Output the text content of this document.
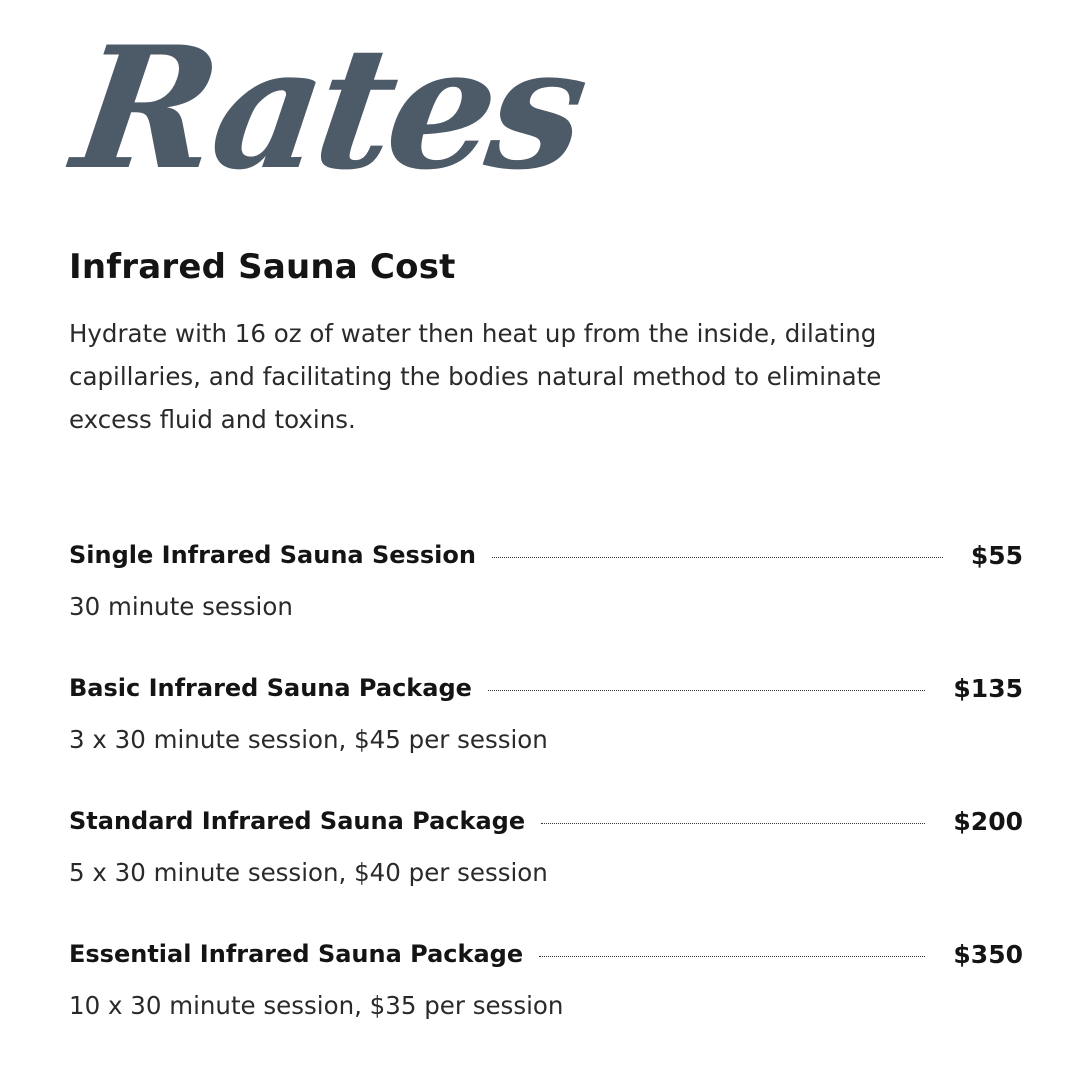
Rates
Infrared Sauna Cost

Hydrate with 16 oz of water then heat up from the inside, dilating capillaries, and facilitating the bodies natural method to eliminate excess fluid and toxins.

Single Infrared Sauna Session	$55
30 minute session
Basic Infrared Sauna Package	$135
3 x 30 minute session, $45 per session
Standard Infrared Sauna Package	$200
5 x 30 minute session, $40 per session
Essential Infrared Sauna Package	$350
10 x 30 minute session, $35 per session
